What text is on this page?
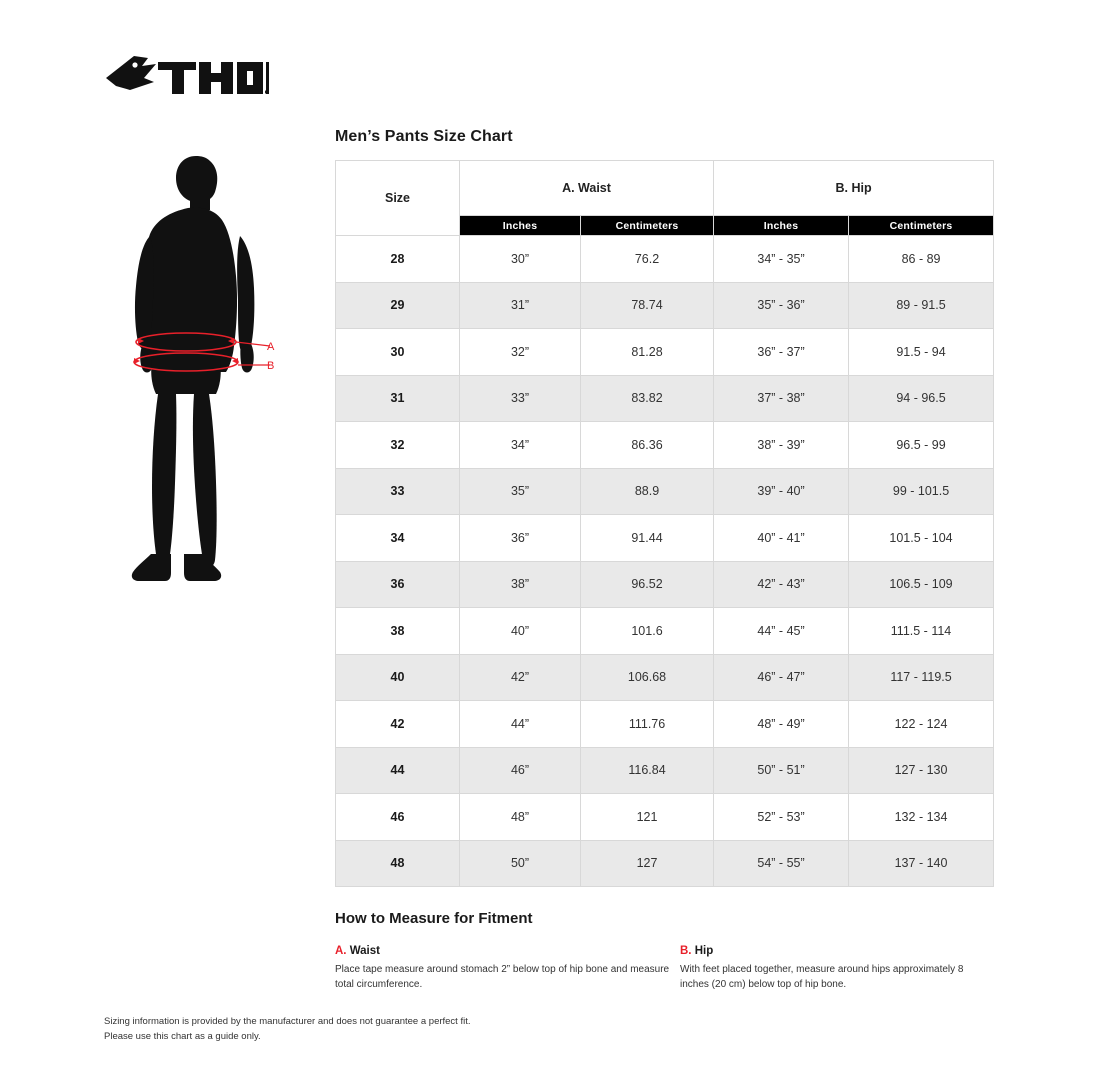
A
B
Men’s Pants Size Chart
Size	A. Waist		B. Hip	
	Inches	Centimeters	Inches	Centimeters
28	30”	76.2	34” - 35”	86 - 89
29	31”	78.74	35” - 36”	89 - 91.5
30	32”	81.28	36” - 37”	91.5 - 94
31	33”	83.82	37” - 38”	94 - 96.5
32	34”	86.36	38” - 39”	96.5 - 99
33	35”	88.9	39” - 40”	99 - 101.5
34	36”	91.44	40” - 41”	101.5 - 104
36	38”	96.52	42” - 43”	106.5 - 109
38	40”	101.6	44” - 45”	111.5 - 114
40	42”	106.68	46” - 47”	117 - 119.5
42	44”	111.76	48” - 49”	122 - 124
44	46”	116.84	50” - 51”	127 - 130
46	48”	121	52” - 53”	132 - 134
48	50”	127	54” - 55”	137 - 140
How to Measure for Fitment
A. Waist
Place tape measure around stomach 2” below top of hip bone and measure total circumference.
B. Hip
With feet placed together, measure around hips approximately 8 inches (20 cm) below top of hip bone.
Sizing information is provided by the manufacturer and does not guarantee a perfect fit.
Please use this chart as a guide only.
